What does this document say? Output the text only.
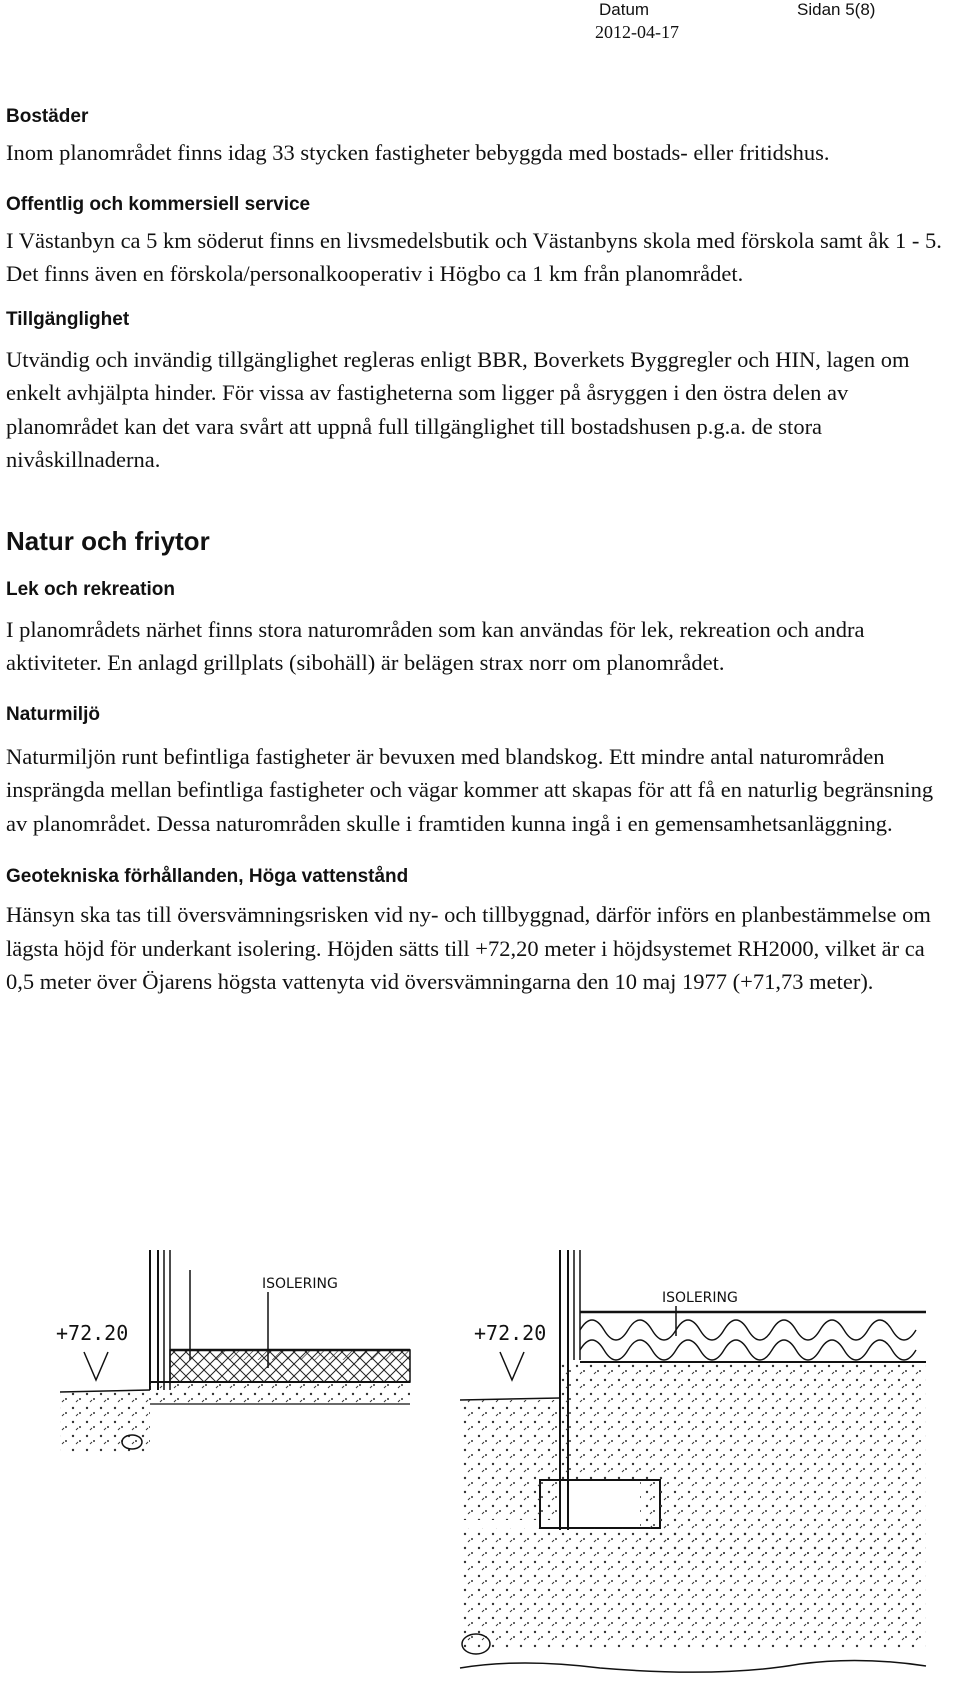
Datum	Sidan 5(8)
2012-04-17
Bostäder

Inom planområdet finns idag 33 stycken fastigheter bebyggda med bostads- eller fritidshus.

Offentlig och kommersiell service

I Västanbyn ca 5 km söderut finns en livsmedelsbutik och Västanbyns skola med förskola samt åk 1 - 5. Det finns även en förskola/personalkooperativ i Högbo ca 1 km från planområdet.

Tillgänglighet

Utvändig och invändig tillgänglighet regleras enligt BBR, Boverkets Byggregler och HIN, lagen om enkelt avhjälpta hinder. För vissa av fastigheterna som ligger på åsryggen i den östra delen av planområdet kan det vara svårt att uppnå full tillgänglighet till bostadshusen p.g.a. de stora nivåskillnaderna.

Natur och friytor
Lek och rekreation

I planområdets närhet finns stora naturområden som kan användas för lek, rekreation och andra aktiviteter. En anlagd grillplats (sibohäll) är belägen strax norr om planområdet.

Naturmiljö

Naturmiljön runt befintliga fastigheter är bevuxen med blandskog. Ett mindre antal naturområden insprängda mellan befintliga fastigheter och vägar kommer att skapas för att få en naturlig begränsning av planområdet. Dessa naturområden skulle i framtiden kunna ingå i en gemensamhetsanläggning.

Geotekniska förhållanden, Höga vattenstånd

Hänsyn ska tas till översvämningsrisken vid ny- och tillbyggnad, därför införs en planbestämmelse om lägsta höjd för underkant isolering. Höjden sätts till +72,20 meter i höjdsystemet RH2000, vilket är ca 0,5 meter över Öjarens högsta vattenyta vid översvämningarna den 10 maj 1977 (+71,73 meter).

+72.20
ISOLERING
+72.20
ISOLERING
